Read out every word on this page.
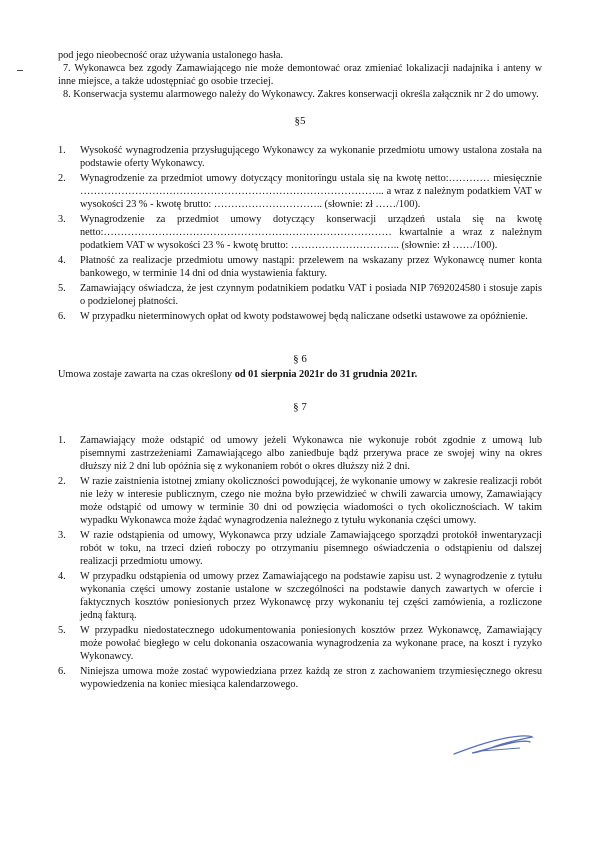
pod jego nieobecność oraz używania ustalonego hasła.

7. Wykonawca bez zgody Zamawiającego nie może demontować oraz zmieniać lokalizacji nadajnika i anteny w inne miejsce, a także udostępniać go osobie trzeciej.

8. Konserwacja systemu alarmowego należy do Wykonawcy. Zakres konserwacji określa załącznik nr 2 do umowy.

§5
1. Wysokość wynagrodzenia przysługującego Wykonawcy za wykonanie przedmiotu umowy ustalona została na podstawie oferty Wykonawcy.
2. Wynagrodzenie za przedmiot umowy dotyczący monitoringu ustala się na kwotę netto:………… miesięcznie …………………………………………………………………………….. a wraz z należnym podatkiem VAT w wysokości 23 % - kwotę brutto: ………………………….. (słownie: zł ……/100).
3. Wynagrodzenie za przedmiot umowy dotyczący konserwacji urządzeń ustala się na kwotę netto:………………………………………………………………………… kwartalnie a wraz z należnym podatkiem VAT w wysokości 23 % - kwotę brutto: ………………………….. (słownie: zł ……/100).
4. Płatność za realizacje przedmiotu umowy nastąpi: przelewem na wskazany przez Wykonawcę numer konta bankowego, w terminie 14 dni od dnia wystawienia faktury.
5. Zamawiający oświadcza, że jest czynnym podatnikiem podatku VAT i posiada NIP 7692024580 i stosuje zapis o podzielonej płatności.
6. W przypadku nieterminowych opłat od kwoty podstawowej będą naliczane odsetki ustawowe za opóźnienie.
§ 6

Umowa zostaje zawarta na czas określony od 01 sierpnia 2021r do 31 grudnia 2021r.

§ 7
1. Zamawiający może odstąpić od umowy jeżeli Wykonawca nie wykonuje robót zgodnie z umową lub pisemnymi zastrzeżeniami Zamawiającego albo zaniedbuje bądź przerywa prace ze swojej winy na okres dłuższy niż 2 dni lub opóźnia się z wykonaniem robót o okres dłuższy niż 2 dni.
2. W razie zaistnienia istotnej zmiany okoliczności powodującej, że wykonanie umowy w zakresie realizacji robót nie leży w interesie publicznym, czego nie można było przewidzieć w chwili zawarcia umowy, Zamawiający może odstąpić od umowy w terminie 30 dni od powzięcia wiadomości o tych okolicznościach. W takim wypadku Wykonawca może żądać wynagrodzenia należnego z tytułu wykonania części umowy.
3. W razie odstąpienia od umowy, Wykonawca przy udziale Zamawiającego sporządzi protokół inwentaryzacji robót w toku, na trzeci dzień roboczy po otrzymaniu pisemnego oświadczenia o odstąpieniu od dalszej realizacji przedmiotu umowy.
4. W przypadku odstąpienia od umowy przez Zamawiającego na podstawie zapisu ust. 2 wynagrodzenie z tytułu wykonania części umowy zostanie ustalone w szczególności na podstawie danych zawartych w ofercie i faktycznych kosztów poniesionych przez Wykonawcę przy wykonaniu tej części zamówienia, a rozliczone jedną fakturą.
5. W przypadku niedostatecznego udokumentowania poniesionych kosztów przez Wykonawcę, Zamawiający może powołać biegłego w celu dokonania oszacowania wynagrodzenia za wykonane prace, na koszt i ryzyko Wykonawcy.
6. Niniejsza umowa może zostać wypowiedziana przez każdą ze stron z zachowaniem trzymiesięcznego okresu wypowiedzenia na koniec miesiąca kalendarzowego.
